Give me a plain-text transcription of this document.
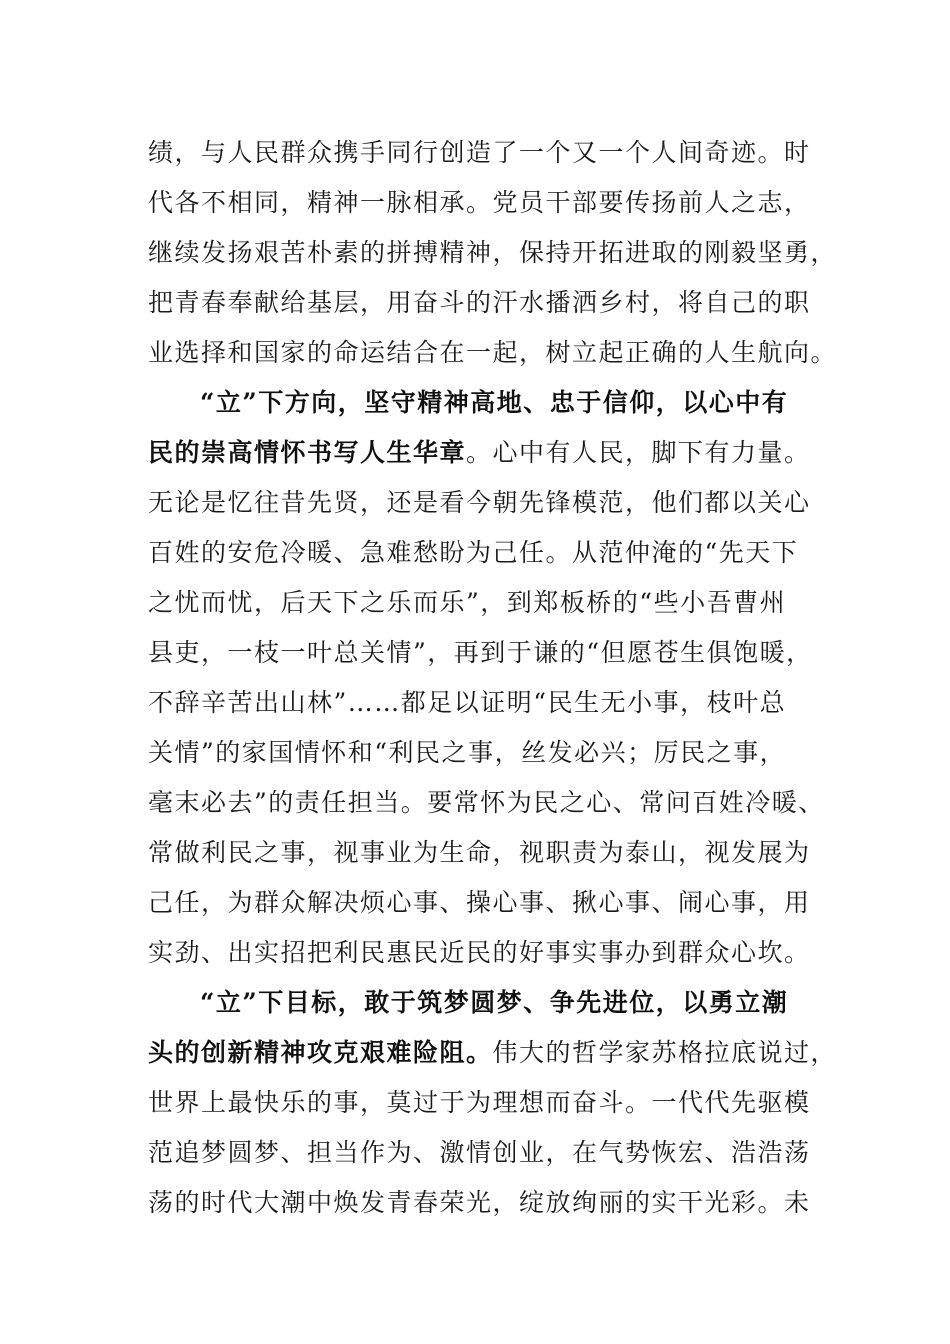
绩，与人民群众携手同行创造了一个又一个人间奇迹。时
代各不相同，精神一脉相承。党员干部要传扬前人之志，
继续发扬艰苦朴素的拼搏精神，保持开拓进取的刚毅坚勇，
把青春奉献给基层，用奋斗的汗水播洒乡村，将自己的职
业选择和国家的命运结合在一起，树立起正确的人生航向。
“立”下方向，坚守精神高地、忠于信仰，以心中有
民的崇高情怀书写人生华章。心中有人民，脚下有力量。
无论是忆往昔先贤，还是看今朝先锋模范，他们都以关心
百姓的安危冷暖、急难愁盼为己任。从范仲淹的“先天下
之忧而忧，后天下之乐而乐”，到郑板桥的“些小吾曹州
县吏，一枝一叶总关情”，再到于谦的“但愿苍生俱饱暖，
不辞辛苦出山林”……都足以证明“民生无小事，枝叶总
关情”的家国情怀和“利民之事，丝发必兴；厉民之事，
毫末必去”的责任担当。要常怀为民之心、常问百姓冷暖、
常做利民之事，视事业为生命，视职责为泰山，视发展为
己任，为群众解决烦心事、操心事、揪心事、闹心事，用
实劲、出实招把利民惠民近民的好事实事办到群众心坎。
“立”下目标，敢于筑梦圆梦、争先进位，以勇立潮
头的创新精神攻克艰难险阻。伟大的哲学家苏格拉底说过，
世界上最快乐的事，莫过于为理想而奋斗。一代代先驱模
范追梦圆梦、担当作为、激情创业，在气势恢宏、浩浩荡
荡的时代大潮中焕发青春荣光，绽放绚丽的实干光彩。未
